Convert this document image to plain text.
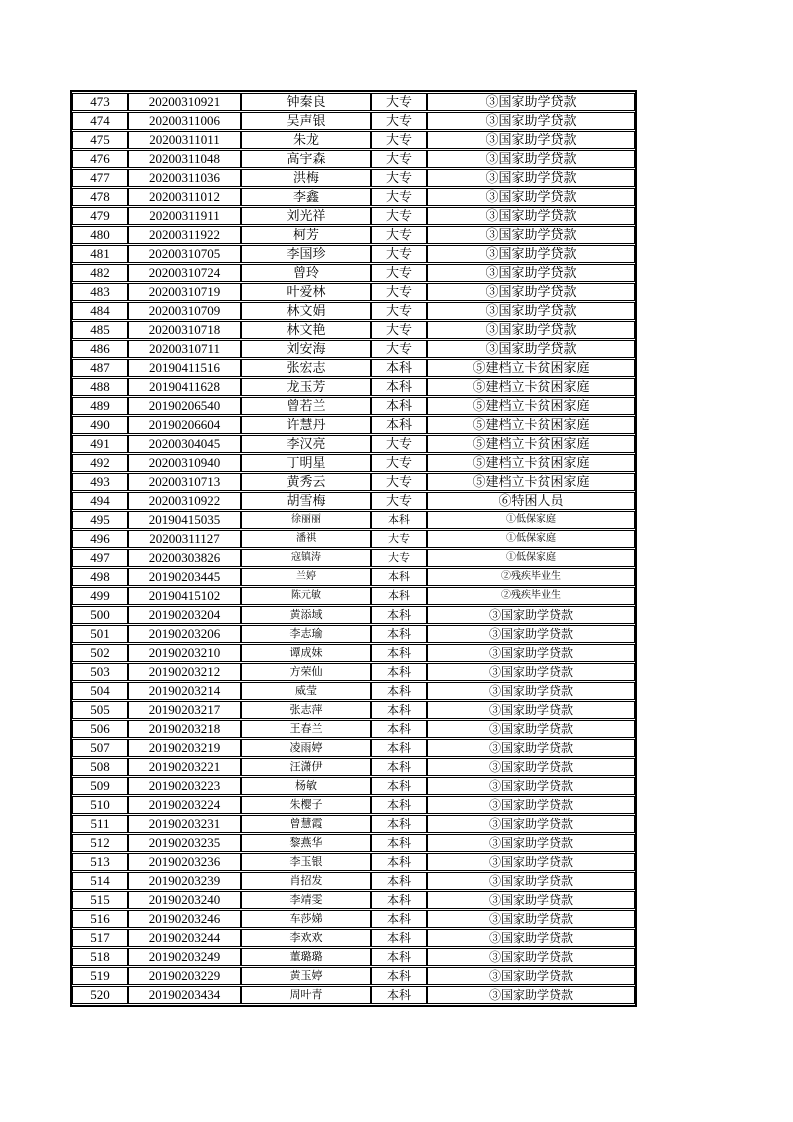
473	20200310921	钟秦良	大专	③国家助学贷款
474	20200311006	吴声银	大专	③国家助学贷款
475	20200311011	朱龙	大专	③国家助学贷款
476	20200311048	高宇森	大专	③国家助学贷款
477	20200311036	洪梅	大专	③国家助学贷款
478	20200311012	李鑫	大专	③国家助学贷款
479	20200311911	刘光祥	大专	③国家助学贷款
480	20200311922	柯芳	大专	③国家助学贷款
481	20200310705	李国珍	大专	③国家助学贷款
482	20200310724	曾玲	大专	③国家助学贷款
483	20200310719	叶爱林	大专	③国家助学贷款
484	20200310709	林文娟	大专	③国家助学贷款
485	20200310718	林文艳	大专	③国家助学贷款
486	20200310711	刘安海	大专	③国家助学贷款
487	20190411516	张宏志	本科	⑤建档立卡贫困家庭
488	20190411628	龙玉芳	本科	⑤建档立卡贫困家庭
489	20190206540	曾若兰	本科	⑤建档立卡贫困家庭
490	20190206604	许慧丹	本科	⑤建档立卡贫困家庭
491	20200304045	李汉亮	大专	⑤建档立卡贫困家庭
492	20200310940	丁明星	大专	⑤建档立卡贫困家庭
493	20200310713	黄秀云	大专	⑤建档立卡贫困家庭
494	20200310922	胡雪梅	大专	⑥特困人员
495	20190415035	徐丽丽	本科	①低保家庭
496	20200311127	潘祺	大专	①低保家庭
497	20200303826	寇镇涛	大专	①低保家庭
498	20190203445	兰婷	本科	②残疾毕业生
499	20190415102	陈元敏	本科	②残疾毕业生
500	20190203204	黄添域	本科	③国家助学贷款
501	20190203206	李志瑜	本科	③国家助学贷款
502	20190203210	谭成妹	本科	③国家助学贷款
503	20190203212	方荣仙	本科	③国家助学贷款
504	20190203214	威莹	本科	③国家助学贷款
505	20190203217	张志萍	本科	③国家助学贷款
506	20190203218	王春兰	本科	③国家助学贷款
507	20190203219	凌雨婷	本科	③国家助学贷款
508	20190203221	汪潇伊	本科	③国家助学贷款
509	20190203223	杨敏	本科	③国家助学贷款
510	20190203224	朱樱子	本科	③国家助学贷款
511	20190203231	曾慧霞	本科	③国家助学贷款
512	20190203235	黎燕华	本科	③国家助学贷款
513	20190203236	李玉银	本科	③国家助学贷款
514	20190203239	肖招发	本科	③国家助学贷款
515	20190203240	李靖雯	本科	③国家助学贷款
516	20190203246	车莎娣	本科	③国家助学贷款
517	20190203244	李欢欢	本科	③国家助学贷款
518	20190203249	董璐璐	本科	③国家助学贷款
519	20190203229	黄玉婷	本科	③国家助学贷款
520	20190203434	周叶青	本科	③国家助学贷款
